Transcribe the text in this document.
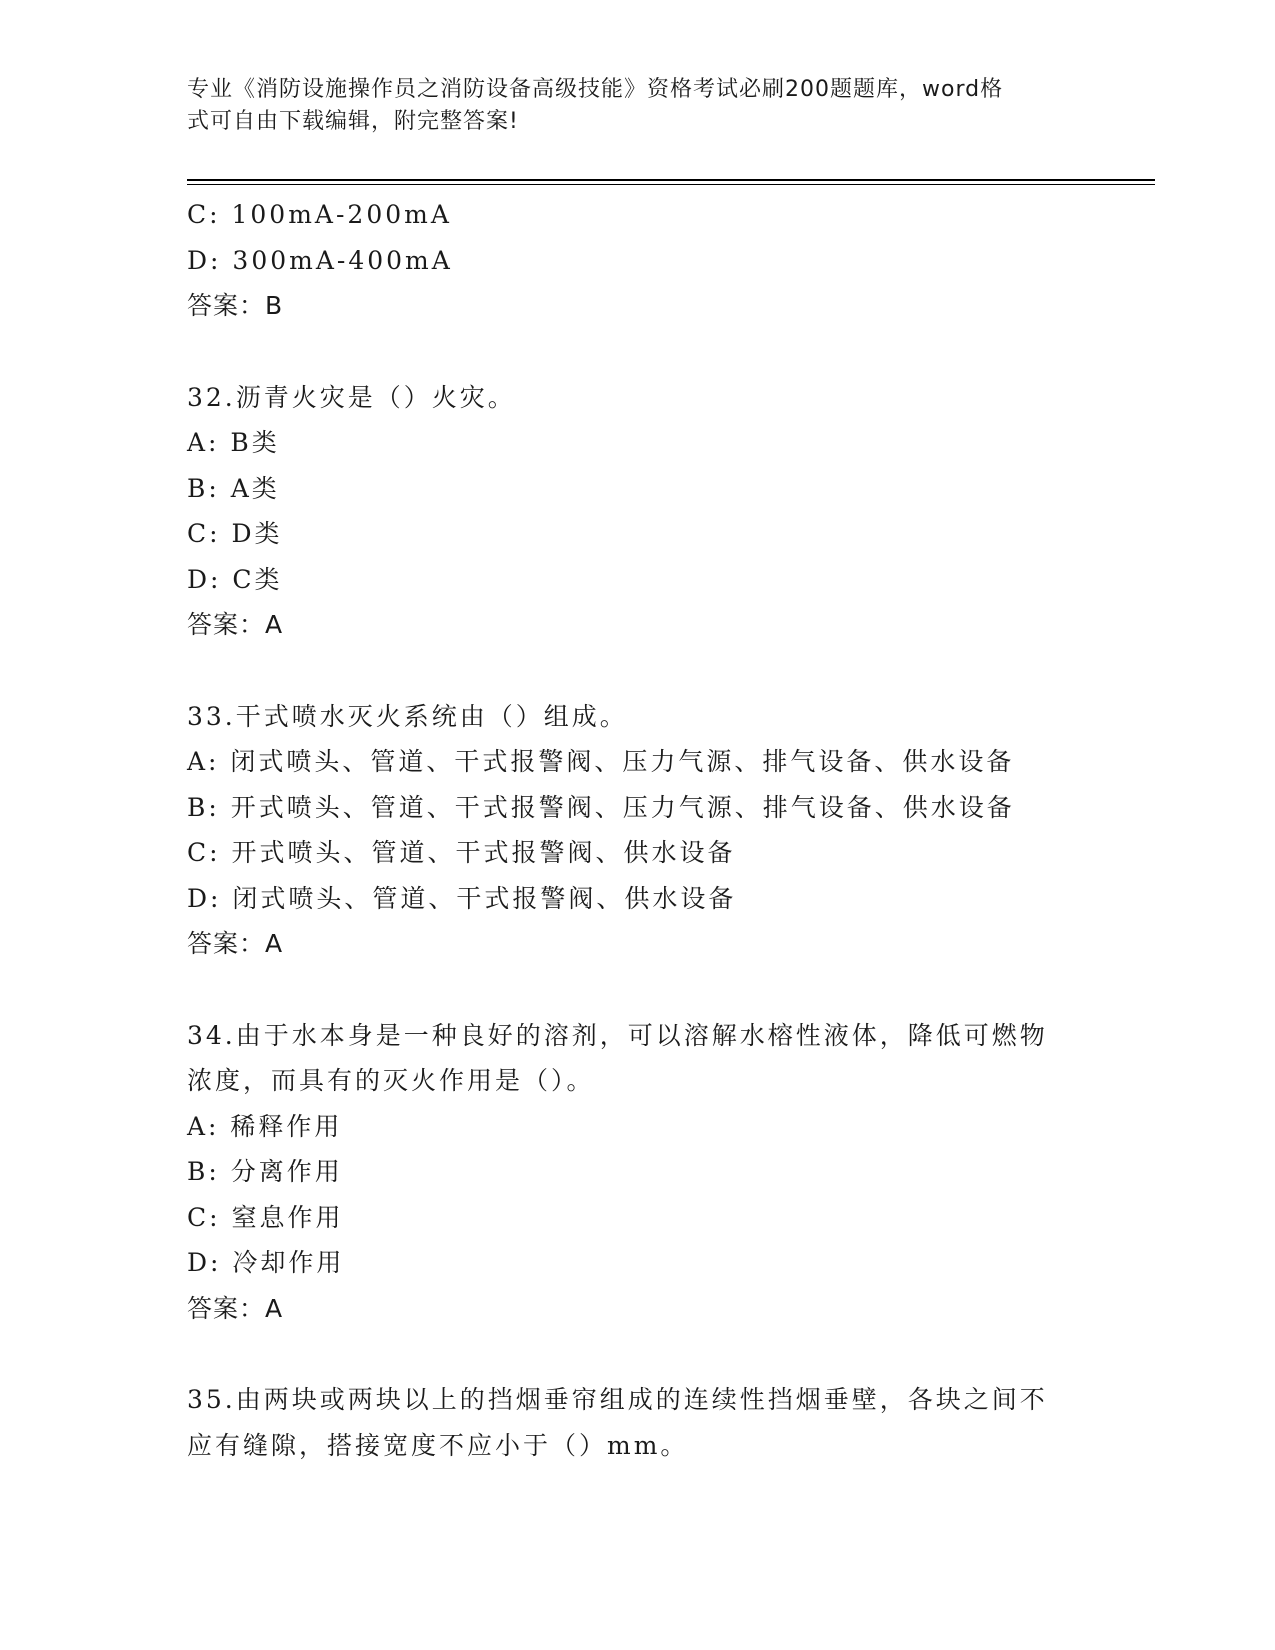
专业《消防设施操作员之消防设备高级技能》资格考试必刷200题题库，word格
式可自由下载编辑，附完整答案!
C: 100mA-200mA
D: 300mA-400mA
答案：B
32.沥青火灾是（）火灾。
A: B类
B: A类
C: D类
D: C类
答案：A
33.干式喷水灭火系统由（）组成。
A: 闭式喷头、管道、干式报警阀、压力气源、排气设备、供水设备
B: 开式喷头、管道、干式报警阀、压力气源、排气设备、供水设备
C: 开式喷头、管道、干式报警阀、供水设备
D: 闭式喷头、管道、干式报警阀、供水设备
答案：A
34.由于水本身是一种良好的溶剂，可以溶解水榕性液体，降低可燃物
浓度，而具有的灭火作用是（）。
A: 稀释作用
B: 分离作用
C: 窒息作用
D: 冷却作用
答案：A
35.由两块或两块以上的挡烟垂帘组成的连续性挡烟垂壁，各块之间不
应有缝隙，搭接宽度不应小于（）mm。
